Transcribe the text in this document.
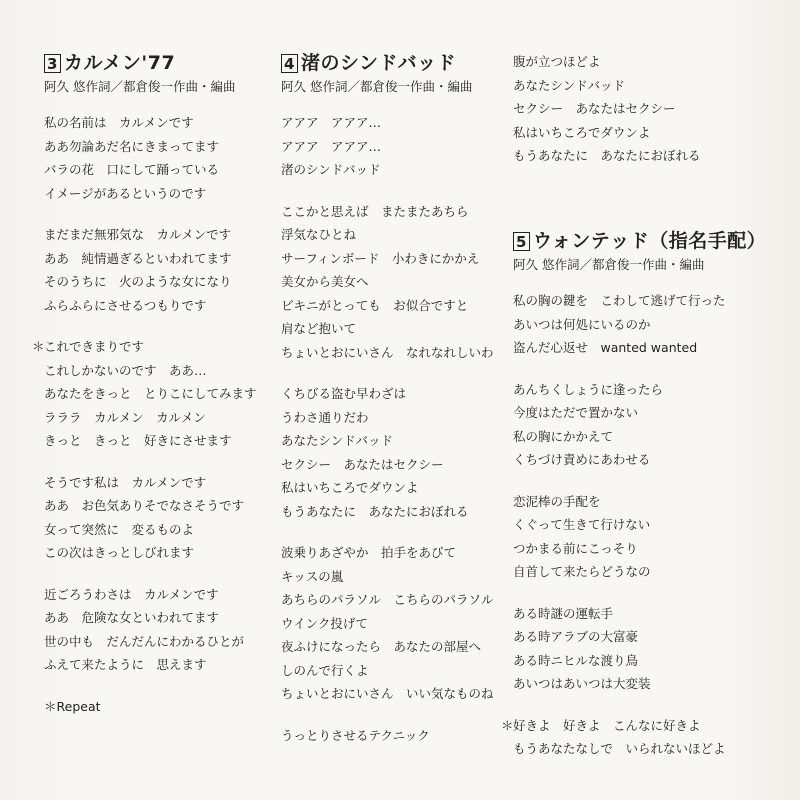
3 カルメン'77
阿久 悠作詞／都倉俊一作曲・編曲
私の名前は　カルメンです
ああ勿論あだ名にきまってます
バラの花　口にして踊っている
イメージがあるというのです
まだまだ無邪気な　カルメンです
ああ　純情過ぎるといわれてます
そのうちに　火のような女になり
ふらふらにさせるつもりです
＊ これできまりです
これしかないのです　ああ…
あなたをきっと　とりこにしてみます
ラララ　カルメン　カルメン
きっと　きっと　好きにさせます
そうです私は　カルメンです
ああ　お色気ありそでなさそうです
女って突然に　変るものよ
この次はきっとしびれます
近ごろうわさは　カルメンです
ああ　危険な女といわれてます
世の中も　だんだんにわかるひとが
ふえて来たように　思えます
＊Repeat
4 渚のシンドバッド
阿久 悠作詞／都倉俊一作曲・編曲
アアア　アアア…
アアア　アアア…
渚のシンドバッド
ここかと思えば　またまたあちら
浮気なひとね
サーフィンボード　小わきにかかえ
美女から美女へ
ビキニがとっても　お似合ですと
肩など抱いて
ちょいとおにいさん　なれなれしいわ
くちびる盗む早わざは
うわさ通りだわ
あなたシンドバッド
セクシー　あなたはセクシー
私はいちころでダウンよ
もうあなたに　あなたにおぼれる
波乗りあざやか　拍手をあびて
キッスの嵐
あちらのパラソル　こちらのパラソル
ウインク投げて
夜ふけになったら　あなたの部屋へ
しのんで行くよ
ちょいとおにいさん　いい気なものね
うっとりさせるテクニック
腹が立つほどよ
あなたシンドバッド
セクシー　あなたはセクシー
私はいちころでダウンよ
もうあなたに　あなたにおぼれる
5 ウォンテッド（指名手配）
阿久 悠作詞／都倉俊一作曲・編曲
私の胸の鍵を　こわして逃げて行った
あいつは何処にいるのか
盗んだ心返せ　wanted wanted
あんちくしょうに逢ったら
今度はただで置かない
私の胸にかかえて
くちづけ責めにあわせる
恋泥棒の手配を
くぐって生きて行けない
つかまる前にこっそり
自首して来たらどうなの
ある時謎の運転手
ある時アラブの大富豪
ある時ニヒルな渡り鳥
あいつはあいつは大変装
＊ 好きよ　好きよ　こんなに好きよ
もうあなたなしで　いられないほどよ
